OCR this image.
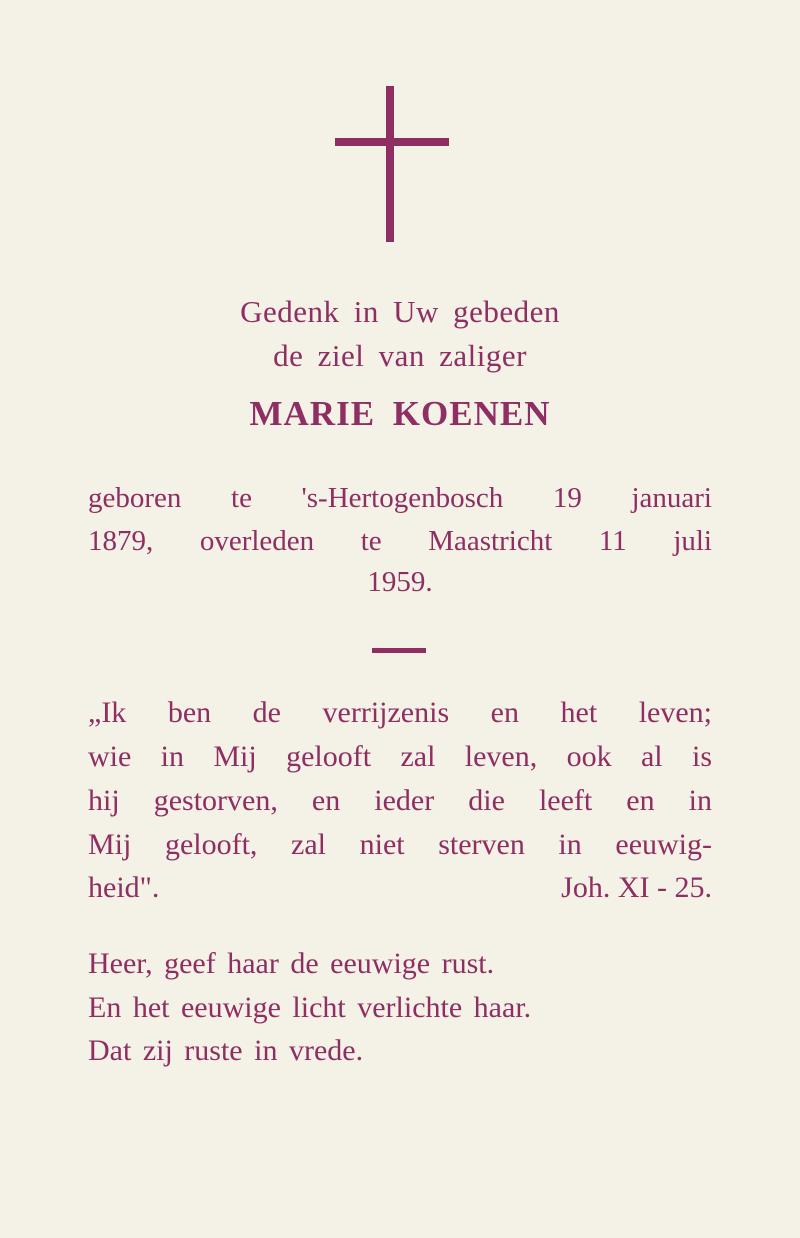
Gedenk in Uw gebeden
de ziel van zaliger
MARIE KOENEN
geboren te 's-Hertogenbosch 19 januari
1879, overleden te Maastricht 11 juli
1959.
„Ik ben de verrijzenis en het leven;
wie in Mij gelooft zal leven, ook al is
hij gestorven, en ieder die leeft en in
Mij gelooft, zal niet sterven in eeuwig-
heid".	Joh. XI - 25.
Heer, geef haar de eeuwige rust.
En het eeuwige licht verlichte haar.
Dat zij ruste in vrede.
